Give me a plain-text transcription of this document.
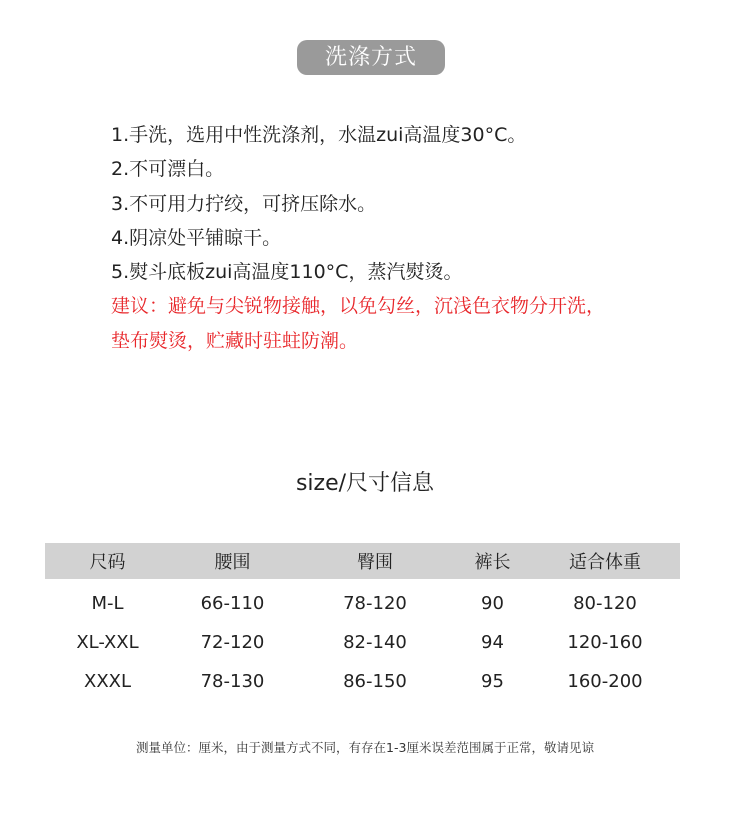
洗涤方式
1.手洗，选用中性洗涤剂，水温zui高温度30°C。
2.不可漂白。
3.不可用力拧绞，可挤压除水。
4.阴凉处平铺晾干。
5.熨斗底板zui高温度110°C，蒸汽熨烫。
建议：避免与尖锐物接触，以免勾丝，沉浅色衣物分开洗，
垫布熨烫，贮藏时驻蛀防潮。
size/尺寸信息
尺码	腰围	臀围	裤长	适合体重
M-L	66-110	78-120	90	80-120
XL-XXL	72-120	82-140	94	120-160
XXXL	78-130	86-150	95	160-200
测量单位：厘米，由于测量方式不同，有存在1-3厘米误差范围属于正常，敬请见谅
